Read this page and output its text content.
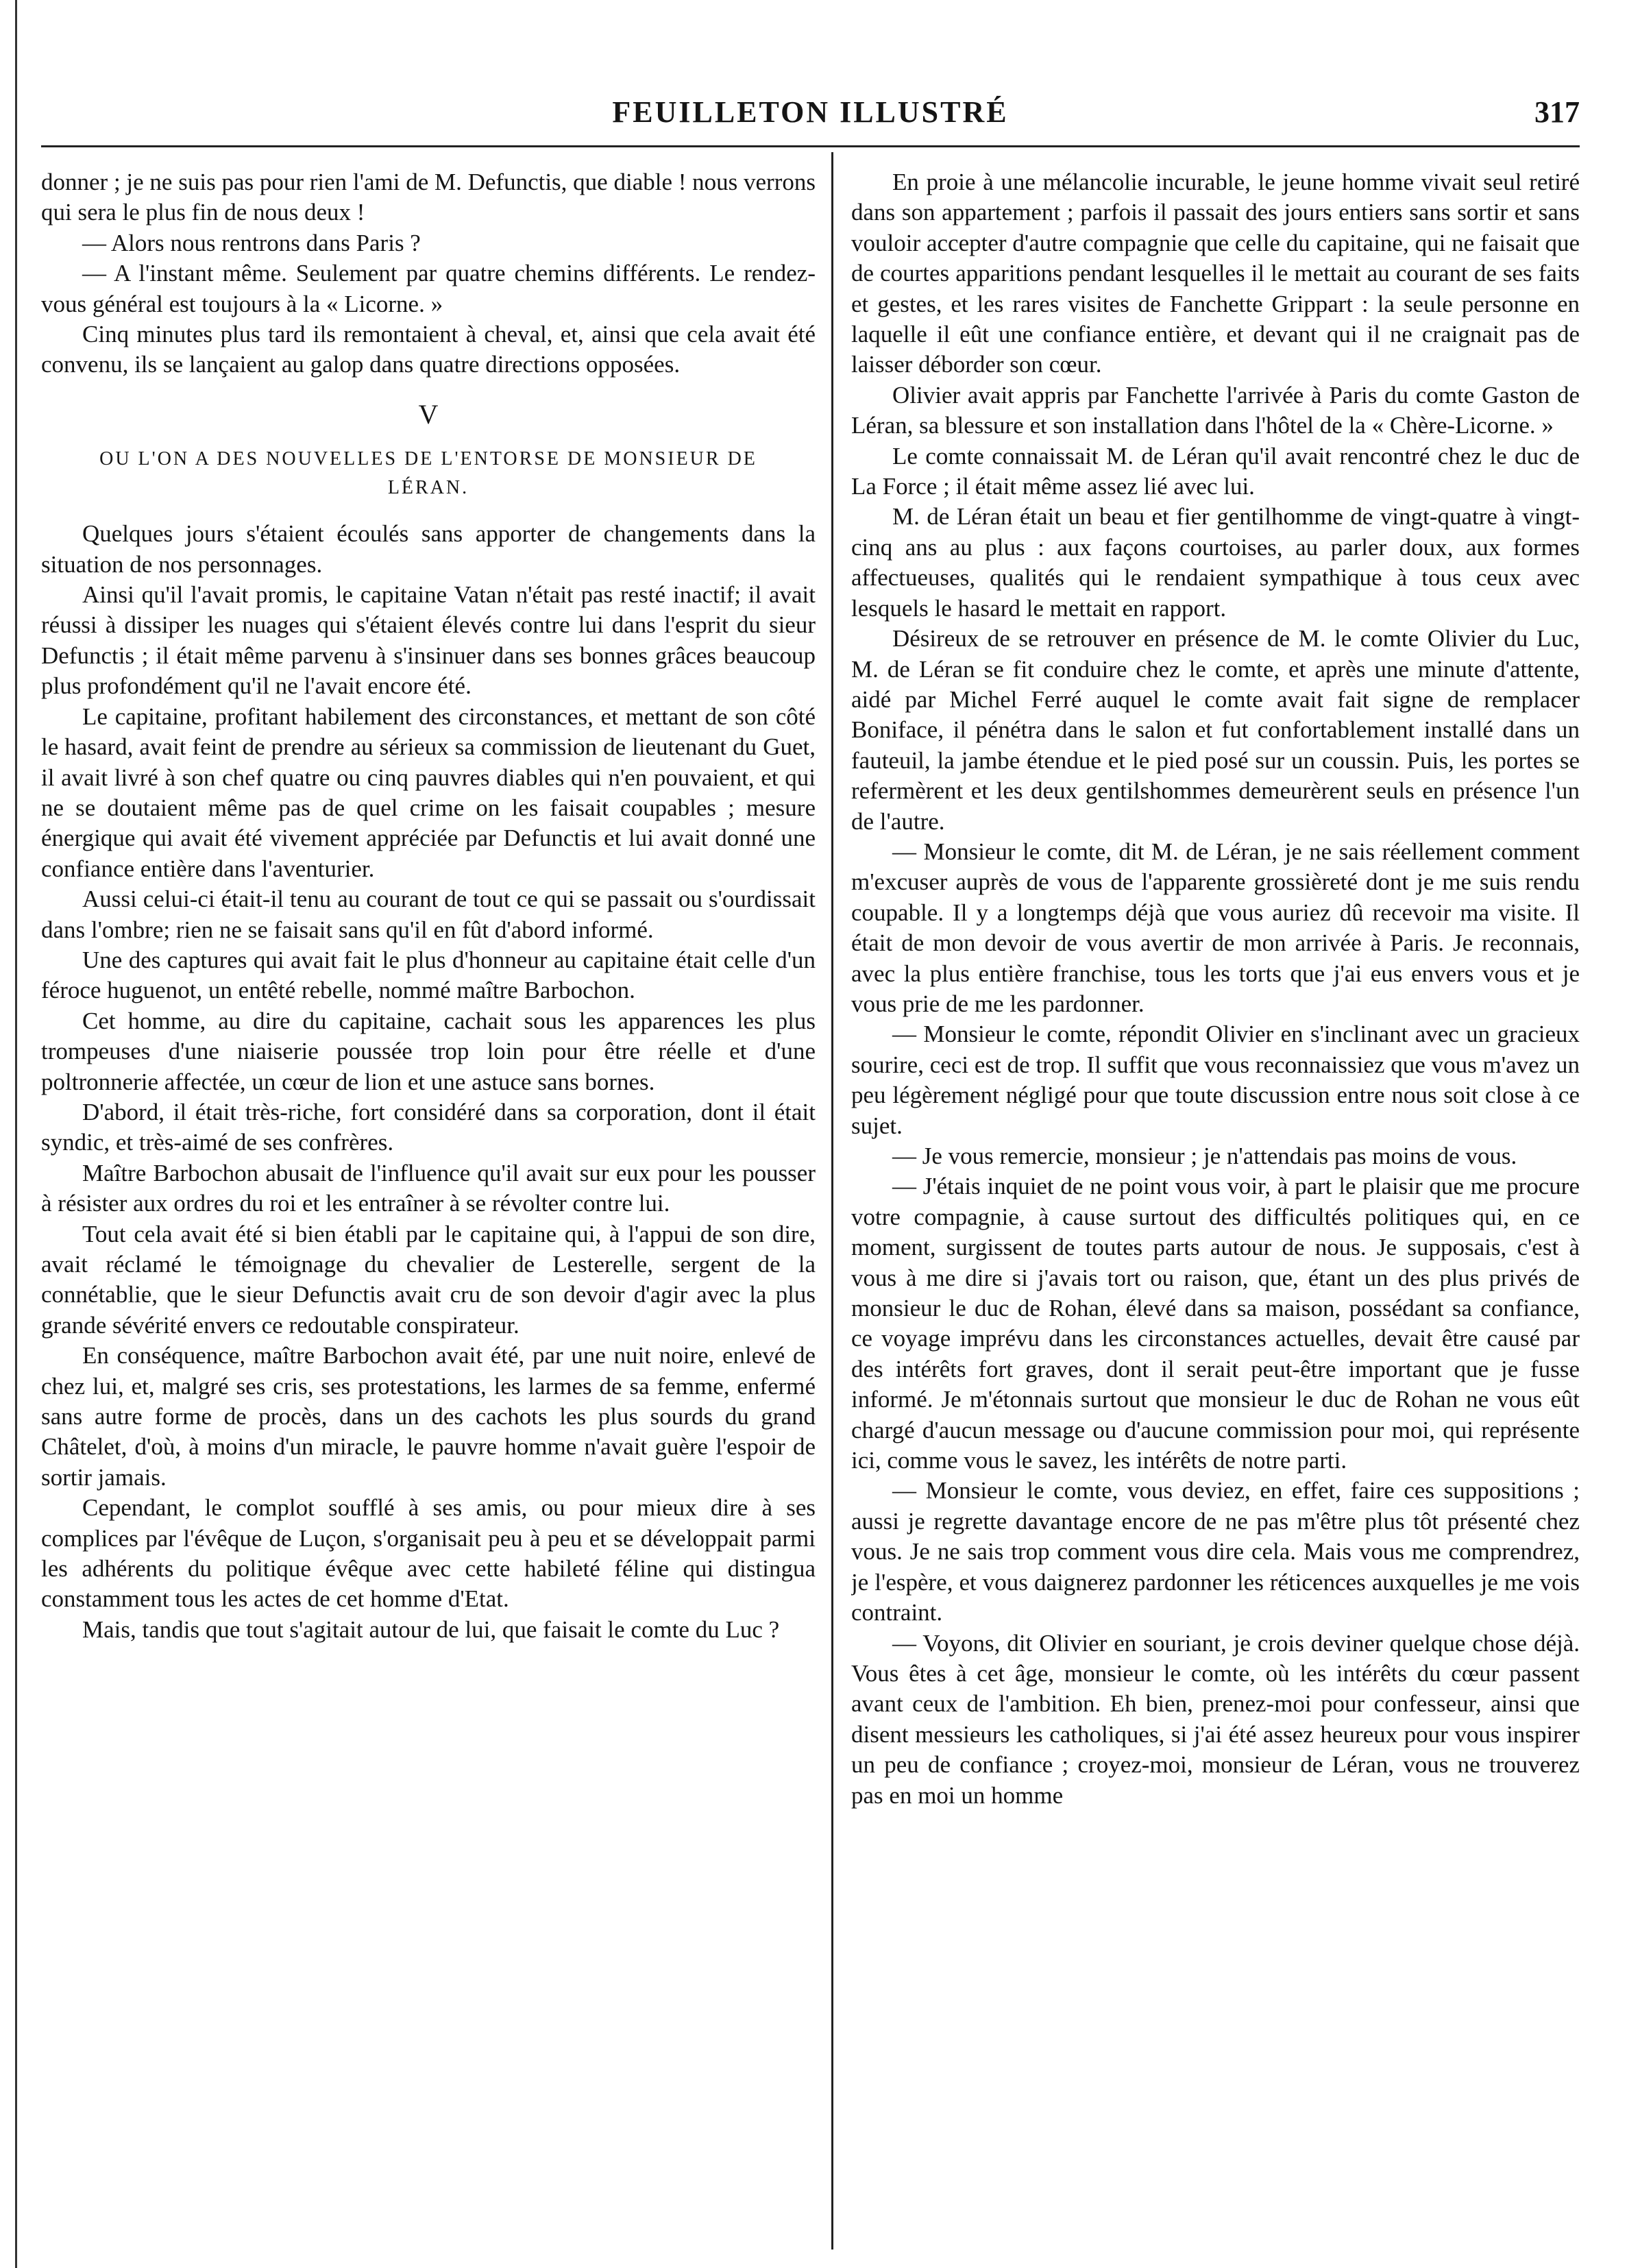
FEUILLETON ILLUSTRÉ	317

donner ; je ne suis pas pour rien l'ami de M. Defunctis, que diable ! nous verrons qui sera le plus fin de nous deux !

— Alors nous rentrons dans Paris ?

— A l'instant même. Seulement par quatre chemins différents. Le rendez-vous général est toujours à la « Licorne. »

Cinq minutes plus tard ils remontaient à cheval, et, ainsi que cela avait été convenu, ils se lançaient au galop dans quatre directions opposées.

V
OU L'ON A DES NOUVELLES DE L'ENTORSE DE MONSIEUR DE LÉRAN.

Quelques jours s'étaient écoulés sans apporter de changements dans la situation de nos personnages.

Ainsi qu'il l'avait promis, le capitaine Vatan n'était pas resté inactif; il avait réussi à dissiper les nuages qui s'étaient élevés contre lui dans l'esprit du sieur Defunctis ; il était même parvenu à s'insinuer dans ses bonnes grâces beaucoup plus profondément qu'il ne l'avait encore été.

Le capitaine, profitant habilement des circonstances, et mettant de son côté le hasard, avait feint de prendre au sérieux sa commission de lieutenant du Guet, il avait livré à son chef quatre ou cinq pauvres diables qui n'en pouvaient, et qui ne se doutaient même pas de quel crime on les faisait coupables ; mesure énergique qui avait été vivement appréciée par Defunctis et lui avait donné une confiance entière dans l'aventurier.

Aussi celui-ci était-il tenu au courant de tout ce qui se passait ou s'ourdissait dans l'ombre; rien ne se faisait sans qu'il en fût d'abord informé.

Une des captures qui avait fait le plus d'honneur au capitaine était celle d'un féroce huguenot, un entêté rebelle, nommé maître Barbochon.

Cet homme, au dire du capitaine, cachait sous les apparences les plus trompeuses d'une niaiserie poussée trop loin pour être réelle et d'une poltronnerie affectée, un cœur de lion et une astuce sans bornes.

D'abord, il était très-riche, fort considéré dans sa corporation, dont il était syndic, et très-aimé de ses confrères.

Maître Barbochon abusait de l'influence qu'il avait sur eux pour les pousser à résister aux ordres du roi et les entraîner à se révolter contre lui.

Tout cela avait été si bien établi par le capitaine qui, à l'appui de son dire, avait réclamé le témoignage du chevalier de Lesterelle, sergent de la connétablie, que le sieur Defunctis avait cru de son devoir d'agir avec la plus grande sévérité envers ce redoutable conspirateur.

En conséquence, maître Barbochon avait été, par une nuit noire, enlevé de chez lui, et, malgré ses cris, ses protestations, les larmes de sa femme, enfermé sans autre forme de procès, dans un des cachots les plus sourds du grand Châtelet, d'où, à moins d'un miracle, le pauvre homme n'avait guère l'espoir de sortir jamais.

Cependant, le complot soufflé à ses amis, ou pour mieux dire à ses complices par l'évêque de Luçon, s'organisait peu à peu et se développait parmi les adhérents du politique évêque avec cette habileté féline qui distingua constamment tous les actes de cet homme d'Etat.

Mais, tandis que tout s'agitait autour de lui, que faisait le comte du Luc ?

En proie à une mélancolie incurable, le jeune homme vivait seul retiré dans son appartement ; parfois il passait des jours entiers sans sortir et sans vouloir accepter d'autre compagnie que celle du capitaine, qui ne faisait que de courtes apparitions pendant lesquelles il le mettait au courant de ses faits et gestes, et les rares visites de Fanchette Grippart : la seule personne en laquelle il eût une confiance entière, et devant qui il ne craignait pas de laisser déborder son cœur.

Olivier avait appris par Fanchette l'arrivée à Paris du comte Gaston de Léran, sa blessure et son installation dans l'hôtel de la « Chère-Licorne. »

Le comte connaissait M. de Léran qu'il avait rencontré chez le duc de La Force ; il était même assez lié avec lui.

M. de Léran était un beau et fier gentilhomme de vingt-quatre à vingt-cinq ans au plus : aux façons courtoises, au parler doux, aux formes affectueuses, qualités qui le rendaient sympathique à tous ceux avec lesquels le hasard le mettait en rapport.

Désireux de se retrouver en présence de M. le comte Olivier du Luc, M. de Léran se fit conduire chez le comte, et après une minute d'attente, aidé par Michel Ferré auquel le comte avait fait signe de remplacer Boniface, il pénétra dans le salon et fut confortablement installé dans un fauteuil, la jambe étendue et le pied posé sur un coussin. Puis, les portes se refermèrent et les deux gentilshommes demeurèrent seuls en présence l'un de l'autre.

— Monsieur le comte, dit M. de Léran, je ne sais réellement comment m'excuser auprès de vous de l'apparente grossièreté dont je me suis rendu coupable. Il y a longtemps déjà que vous auriez dû recevoir ma visite. Il était de mon devoir de vous avertir de mon arrivée à Paris. Je reconnais, avec la plus entière franchise, tous les torts que j'ai eus envers vous et je vous prie de me les pardonner.

— Monsieur le comte, répondit Olivier en s'inclinant avec un gracieux sourire, ceci est de trop. Il suffit que vous reconnaissiez que vous m'avez un peu légèrement négligé pour que toute discussion entre nous soit close à ce sujet.

— Je vous remercie, monsieur ; je n'attendais pas moins de vous.

— J'étais inquiet de ne point vous voir, à part le plaisir que me procure votre compagnie, à cause surtout des difficultés politiques qui, en ce moment, surgissent de toutes parts autour de nous. Je supposais, c'est à vous à me dire si j'avais tort ou raison, que, étant un des plus privés de monsieur le duc de Rohan, élevé dans sa maison, possédant sa confiance, ce voyage imprévu dans les circonstances actuelles, devait être causé par des intérêts fort graves, dont il serait peut-être important que je fusse informé. Je m'étonnais surtout que monsieur le duc de Rohan ne vous eût chargé d'aucun message ou d'aucune commission pour moi, qui représente ici, comme vous le savez, les intérêts de notre parti.

— Monsieur le comte, vous deviez, en effet, faire ces suppositions ; aussi je regrette davantage encore de ne pas m'être plus tôt présenté chez vous. Je ne sais trop comment vous dire cela. Mais vous me comprendrez, je l'espère, et vous daignerez pardonner les réticences auxquelles je me vois contraint.

— Voyons, dit Olivier en souriant, je crois deviner quelque chose déjà. Vous êtes à cet âge, monsieur le comte, où les intérêts du cœur passent avant ceux de l'ambition. Eh bien, prenez-moi pour confesseur, ainsi que disent messieurs les catholiques, si j'ai été assez heureux pour vous inspirer un peu de confiance ; croyez-moi, monsieur de Léran, vous ne trouverez pas en moi un homme
